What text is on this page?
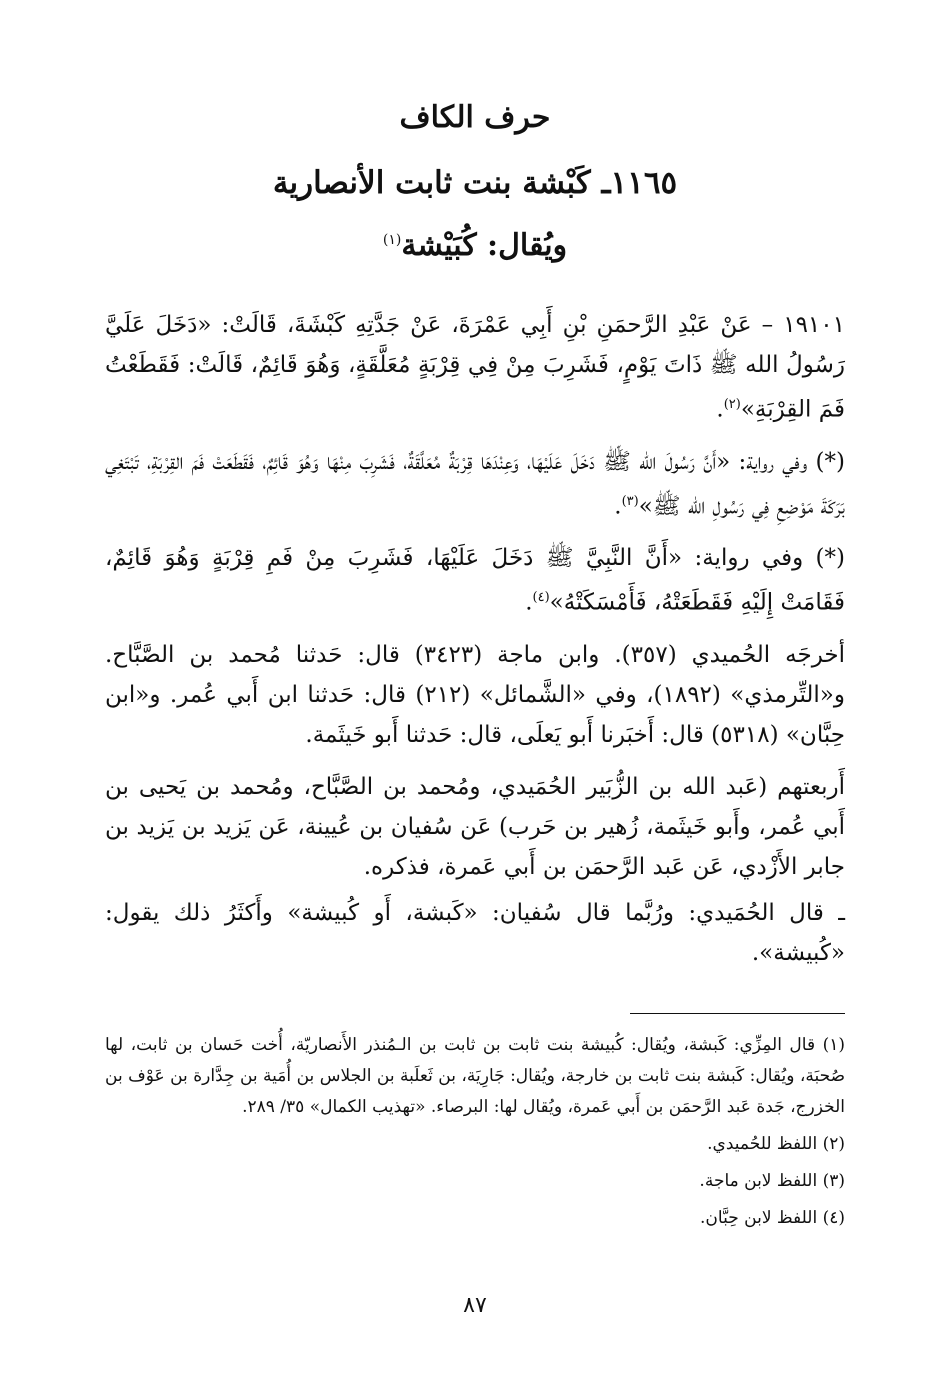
حرف الكاف
١١٦٥ـ كَبْشة بنت ثابت الأنصارية
ويُقال: كُبَيْشة$^{(١)}$

١٩١٠١ – عَنْ عَبْدِ الرَّحمَنِ بْنِ أَبِي عَمْرَةَ، عَنْ جَدَّتِهِ كَبْشَةَ، قَالَتْ: «دَخَلَ عَلَيَّ رَسُولُ الله ﷺ ذَاتَ يَوْمٍ، فَشَرِبَ مِنْ فِي قِرْبَةٍ مُعَلَّقَةٍ، وَهُوَ قَائِمٌ، قَالَتْ: فَقَطَعْتُ فَمَ القِرْبَةِ»$^{(٢)}$.

(*) وفي رواية: «أَنَّ رَسُولَ الله ﷺ دَخَلَ عَلَيْهَا، وَعِنْدَهَا قِرْبَةٌ مُعَلَّقَةٌ، فَشَرِبَ مِنْهَا وَهُوَ قَائِمٌ، فَقَطَعَتْ فَمَ القِرْبَةِ، تَبْتَغِي بَرَكَةَ مَوْضِعِ فِي رَسُولِ الله ﷺ»$^{(٣)}$.

(*) وفي رواية: «أَنَّ النَّبِيَّ ﷺ دَخَلَ عَلَيْهَا، فَشَرِبَ مِنْ فَمِ قِرْبَةٍ وَهُوَ قَائِمٌ، فَقَامَتْ إِلَيْهِ فَقَطَعَتْهُ، فَأَمْسَكَتْهُ»$^{(٤)}$.

أخرجَه الحُميدي (٣٥٧). وابن ماجة (٣٤٢٣) قال: حَدثنا مُحمد بن الصَّبَّاح. و«التِّرمذي» (١٨٩٢)، وفي «الشَّمائل» (٢١٢) قال: حَدثنا ابن أَبي عُمر. و«ابن حِبَّان» (٥٣١٨) قال: أَخبَرنا أَبو يَعلَى، قال: حَدثنا أَبو خَيثَمة.

أَربعتهم (عَبد الله بن الزُّبَير الحُمَيدي، ومُحمد بن الصَّبَّاح، ومُحمد بن يَحيى بن أَبي عُمر، وأَبو خَيثَمة، زُهير بن حَرب) عَن سُفيان بن عُيينة، عَن يَزيد بن يَزيد بن جابر الأَزْدي، عَن عَبد الرَّحمَن بن أَبي عَمرة، فذكره.

ـ قال الحُمَيدي: ورُبَّما قال سُفيان: «كَبشة، أَو كُبيشة» وأَكثَرُ ذلك يقول: «كُبيشة».

(١) قال المِزِّي: كَبشة، ويُقال: كُبيشة بنت ثابت بن ثابت بن الـمُنذر الأَنصاريّة، أُخت حَسان بن ثابت، لها صُحبَة، ويُقال: كَبشة بنت ثابت بن خارجة، ويُقال: جَارِيَة، بن ثَعلَبة بن الجلاس بن أُمَية بن جِدَّارة بن عَوْف بن الخزرج، جَدة عَبد الرَّحمَن بن أَبي عَمرة، ويُقال لها: البرصاء. «تهذيب الكمال» ٣٥/ ٢٨٩.

(٢) اللفظ للحُميدي.

(٣) اللفظ لابن ماجة.

(٤) اللفظ لابن حِبَّان.

٨٧
